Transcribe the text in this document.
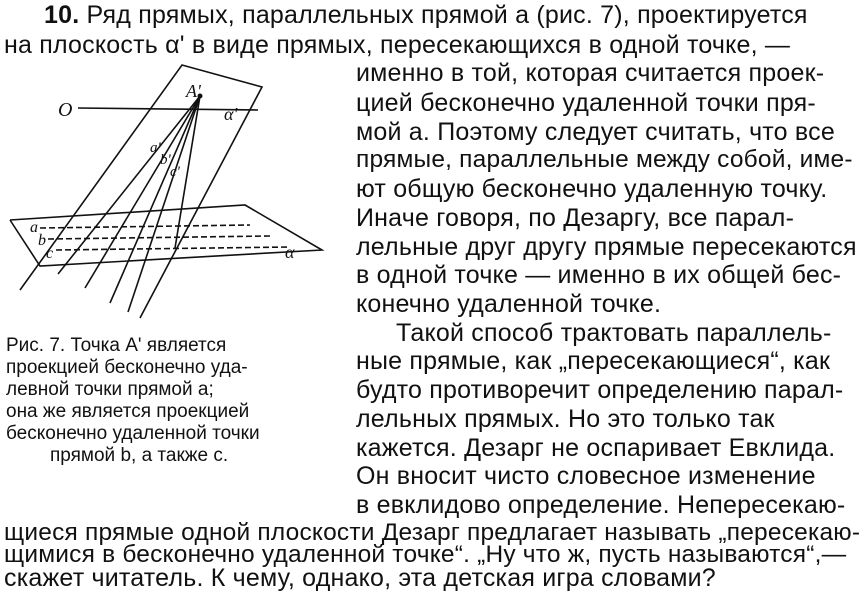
O
A'
α'
a'
b'
c'
a
b
c	α
10. Ряд прямых, параллельных прямой a (рис. 7), проектируется
на плоскость α' в виде прямых, пересекающихся в одной точке, —
именно в той, которая считается проек-
цией бесконечно удаленной точки пря-
мой a. Поэтому следует считать, что все
прямые, параллельные между собой, име-
ют общую бесконечно удаленную точку.
Иначе говоря, по Дезаргу, все парал-
лельные друг другу прямые пересекаются
в одной точке — именно в их общей бес-
конечно удаленной точке.
Такой способ трактовать параллель-
ные прямые, как „пересекающиеся“, как
будто противоречит определению парал-
лельных прямых. Но это только так
кажется. Дезарг не оспаривает Евклида.
Он вносит чисто словесное изменение
в евклидово определение. Непересекаю-
Рис. 7. Точка A' является
проекцией бесконечно уда-
левной точки прямой a;
она же является проекцией
бесконечно удаленной точки
прямой b, а также c.
щиеся прямые одной плоскости Дезарг предлагает называть „пересекаю-
щимися в бесконечно удаленной точке“. „Ну что ж, пусть называются“,—
скажет читатель. К чему, однако, эта детская игра словами?
